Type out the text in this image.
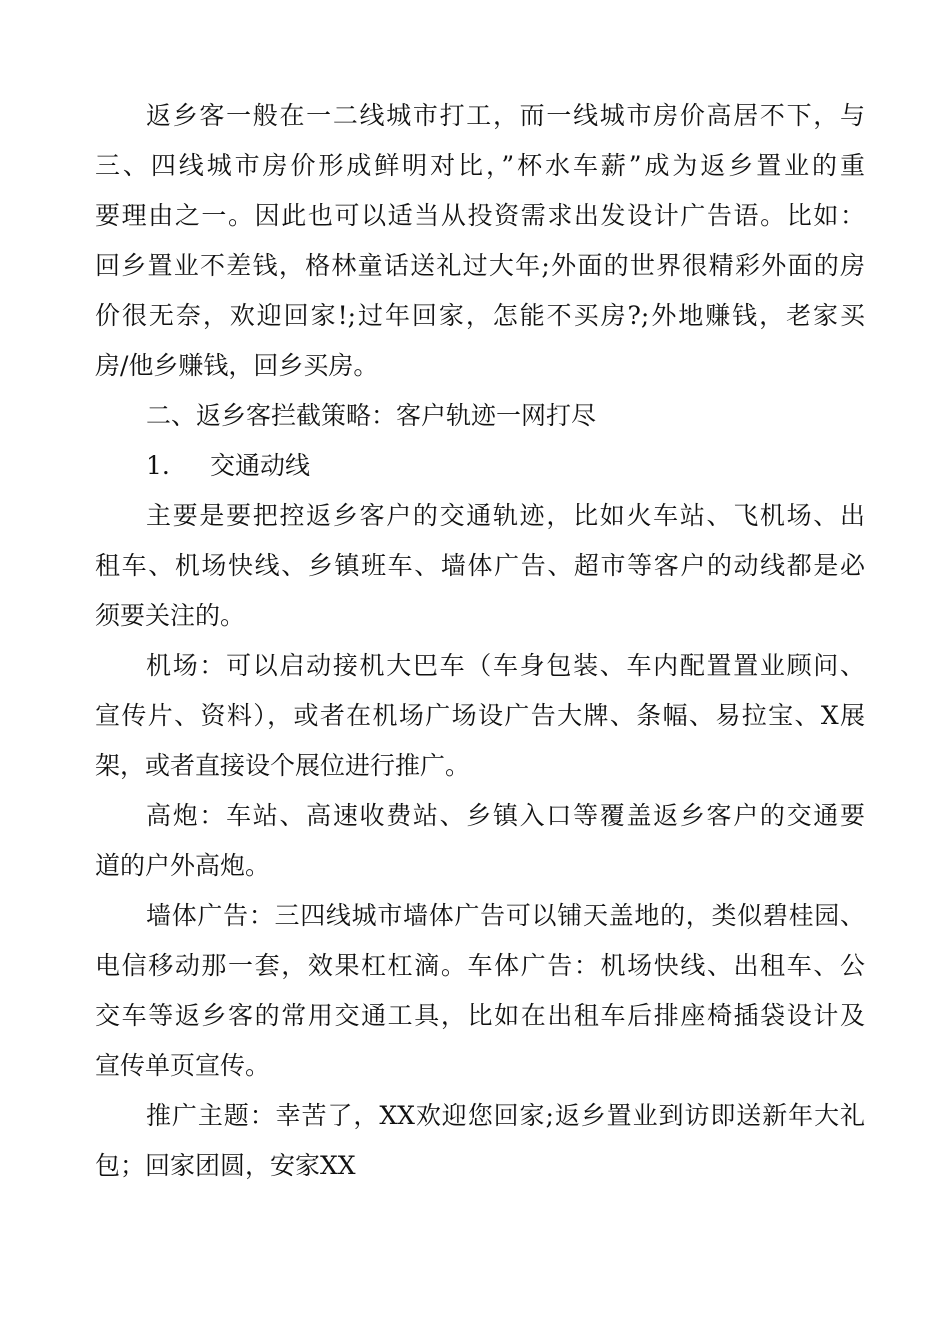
返乡客一般在一二线城市打工，而一线城市房价高居不下，与
三、四线城市房价形成鲜明对比，”杯水车薪”成为返乡置业的重
要理由之一。因此也可以适当从投资需求出发设计广告语。比如：
回乡置业不差钱，格林童话送礼过大年;外面的世界很精彩外面的房
价很无奈，欢迎回家!;过年回家，怎能不买房?;外地赚钱，老家买
房/他乡赚钱，回乡买房。
二、返乡客拦截策略：客户轨迹一网打尽
1. 交通动线
主要是要把控返乡客户的交通轨迹，比如火车站、飞机场、出
租车、机场快线、乡镇班车、墙体广告、超市等客户的动线都是必
须要关注的。
机场：可以启动接机大巴车（车身包装、车内配置置业顾问、
宣传片、资料），或者在机场广场设广告大牌、条幅、易拉宝、X展
架，或者直接设个展位进行推广。
高炮：车站、高速收费站、乡镇入口等覆盖返乡客户的交通要
道的户外高炮。
墙体广告：三四线城市墙体广告可以铺天盖地的，类似碧桂园、
电信移动那一套，效果杠杠滴。车体广告：机场快线、出租车、公
交车等返乡客的常用交通工具，比如在出租车后排座椅插袋设计及
宣传单页宣传。
推广主题：幸苦了，XX欢迎您回家;返乡置业到访即送新年大礼
包；回家团圆，安家XX
